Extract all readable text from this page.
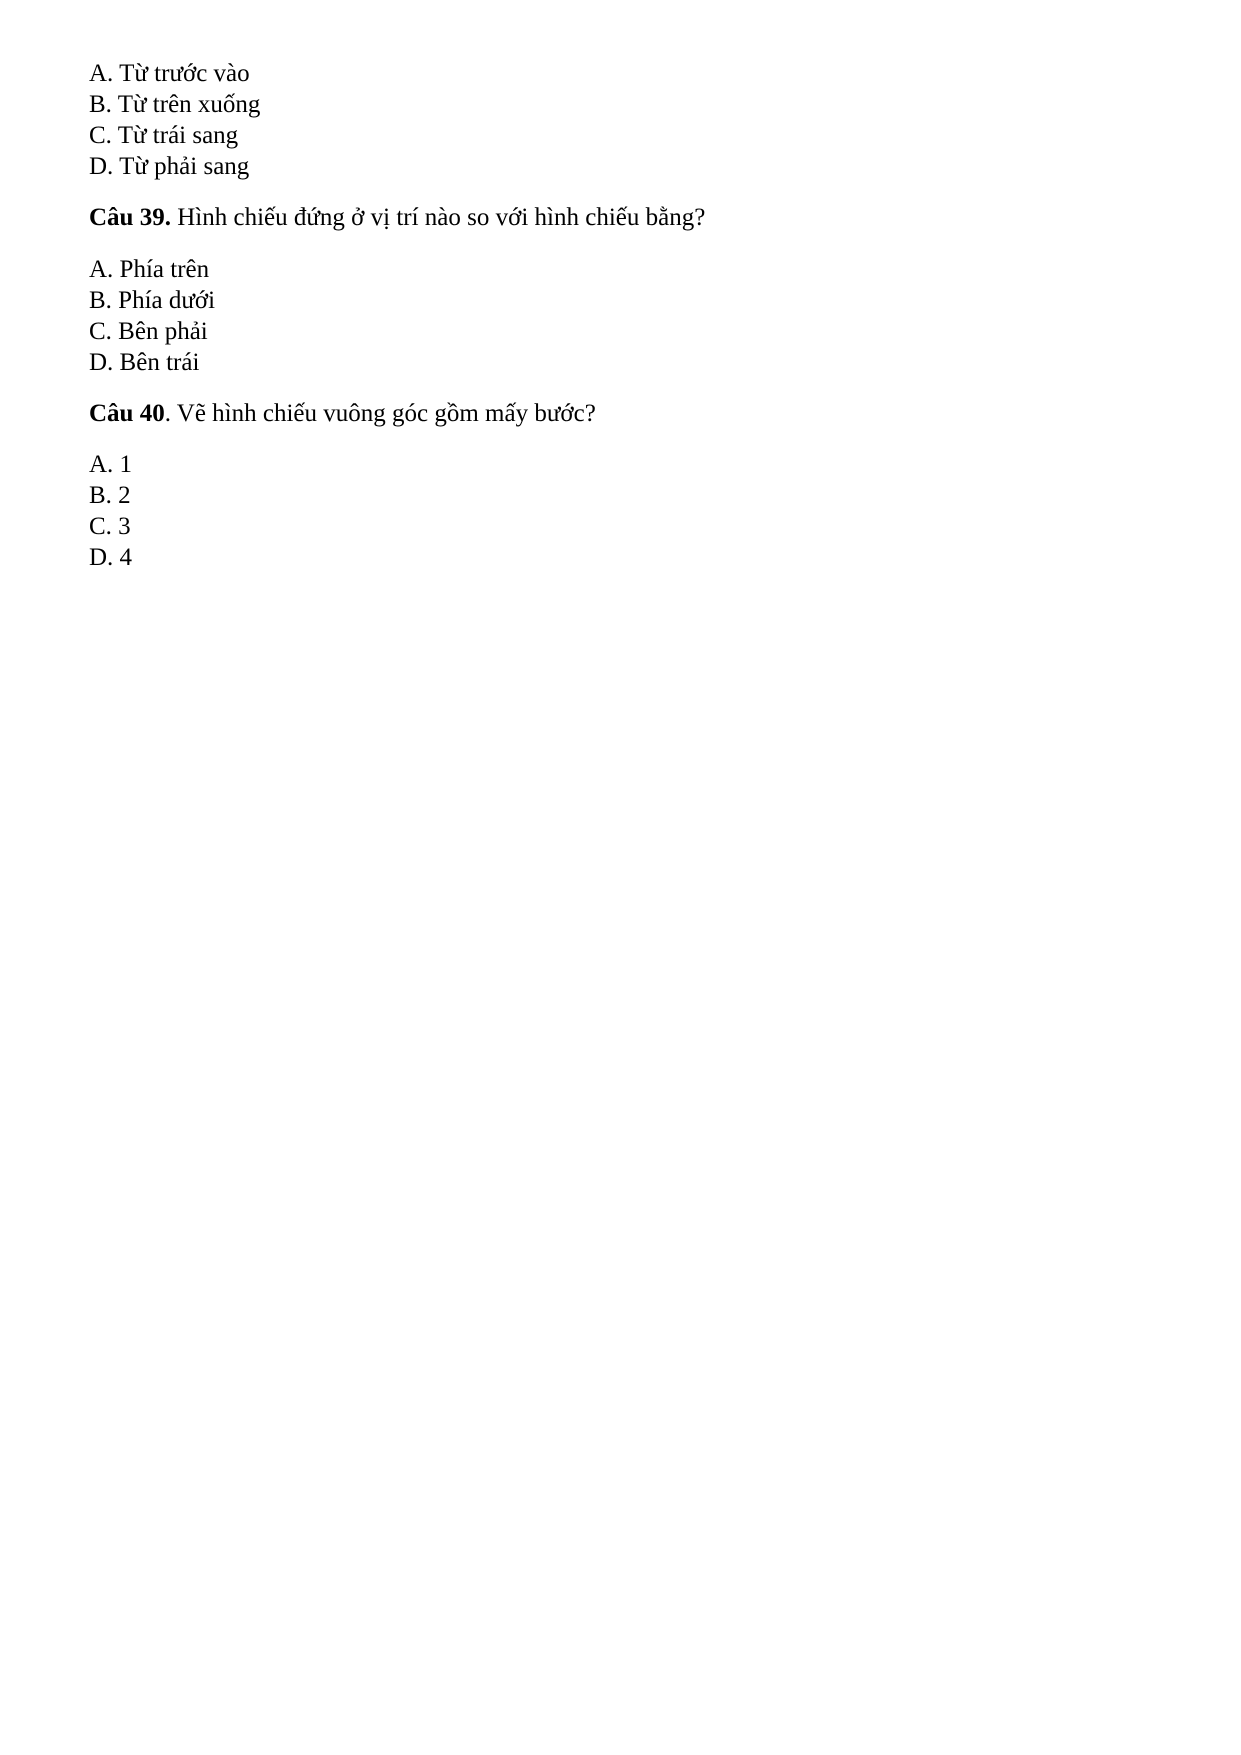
A. Từ trước vào
B. Từ trên xuống
C. Từ trái sang
D. Từ phải sang
Câu 39. Hình chiếu đứng ở vị trí nào so với hình chiếu bằng?
A. Phía trên
B. Phía dưới
C. Bên phải
D. Bên trái
Câu 40. Vẽ hình chiếu vuông góc gồm mấy bước?
A. 1
B. 2
C. 3
D. 4
